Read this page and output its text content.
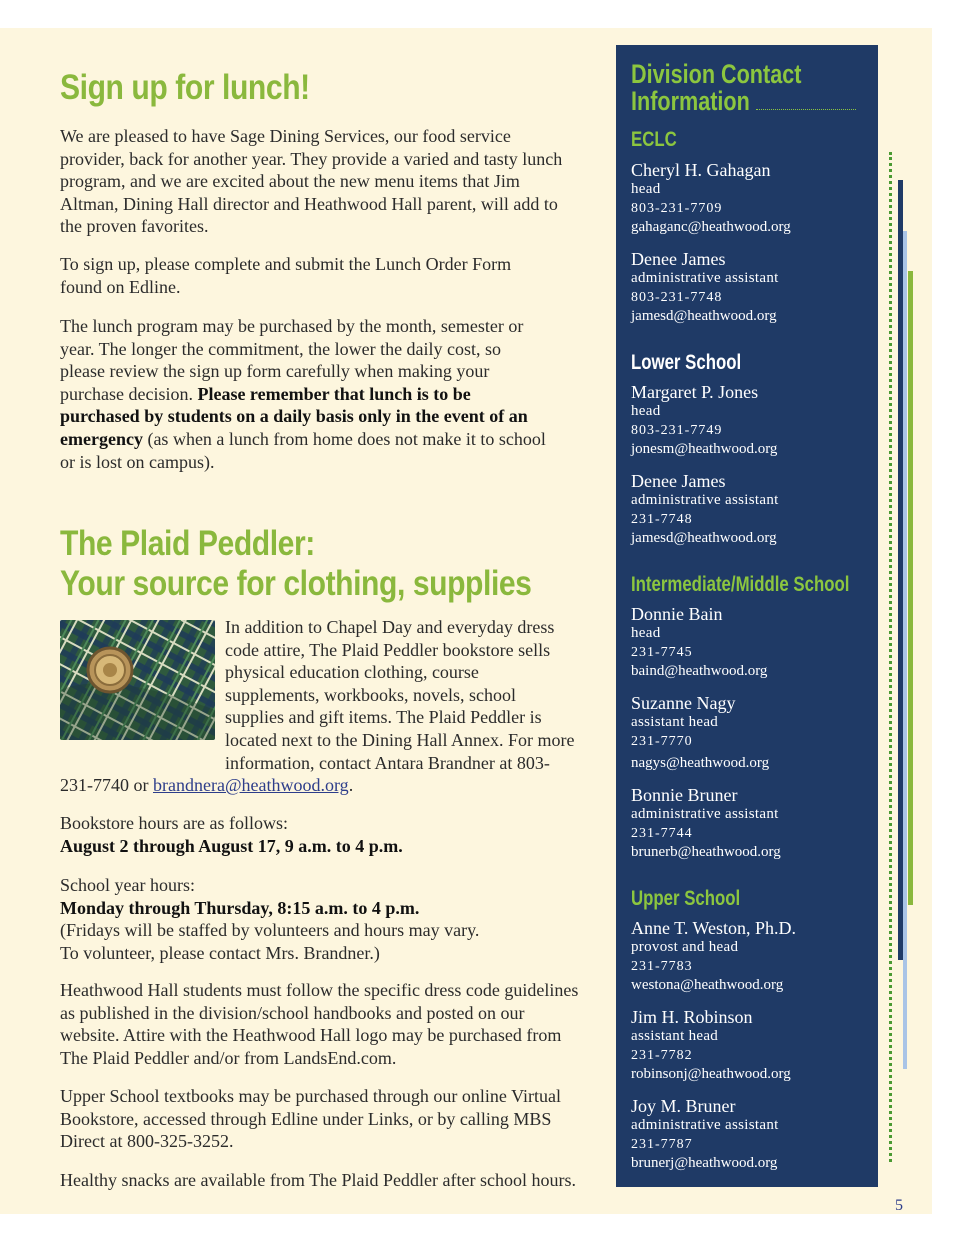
Sign up for lunch!

We are pleased to have Sage Dining Services, our food service provider, back for another year. They provide a varied and tasty lunch program, and we are excited about the new menu items that Jim Altman, Dining Hall director and Heathwood Hall parent, will add to the proven favorites.

To sign up, please complete and submit the Lunch Order Form found on Edline.

The lunch program may be purchased by the month, semester or year. The longer the commitment, the lower the daily cost, so please review the sign up form carefully when making your purchase decision. Please remember that lunch is to be purchased by students on a daily basis only in the event of an emergency (as when a lunch from home does not make it to school or is lost on campus).

The Plaid Peddler:
Your source for clothing, supplies

In addition to Chapel Day and everyday dress code attire, The Plaid Peddler bookstore sells physical education clothing, course supplements, workbooks, novels, school supplies and gift items. The Plaid Peddler is located next to the Dining Hall Annex. For more information, contact Antara Brandner at 803-231-7740 or brandnera@heathwood.org.

Bookstore hours are as follows:
August 2 through August 17, 9 a.m. to 4 p.m.

School year hours:
Monday through Thursday, 8:15 a.m. to 4 p.m.
(Fridays will be staffed by volunteers and hours may vary. To volunteer, please contact Mrs. Brandner.)

Heathwood Hall students must follow the specific dress code guidelines as published in the division/school handbooks and posted on our website. Attire with the Heathwood Hall logo may be purchased from The Plaid Peddler and/or from LandsEnd.com.

Upper School textbooks may be purchased through our online Virtual Bookstore, accessed through Edline under Links, or by calling MBS Direct at 800-325-3252.

Healthy snacks are available from The Plaid Peddler after school hours.

Division Contact
Information
ECLC
Cheryl H. Gahagan
head
803-231-7709
gahaganc@heathwood.org
Denee James
administrative assistant
803-231-7748
jamesd@heathwood.org
Lower School
Margaret P. Jones
head
803-231-7749
jonesm@heathwood.org
Denee James
administrative assistant
231-7748
jamesd@heathwood.org
Intermediate/Middle School
Donnie Bain
head
231-7745
baind@heathwood.org
Suzanne Nagy
assistant head
231-7770
nagys@heathwood.org
Bonnie Bruner
administrative assistant
231-7744
brunerb@heathwood.org
Upper School
Anne T. Weston, Ph.D.
provost and head
231-7783
westona@heathwood.org
Jim H. Robinson
assistant head
231-7782
robinsonj@heathwood.org
Joy M. Bruner
administrative assistant
231-7787
brunerj@heathwood.org
5
